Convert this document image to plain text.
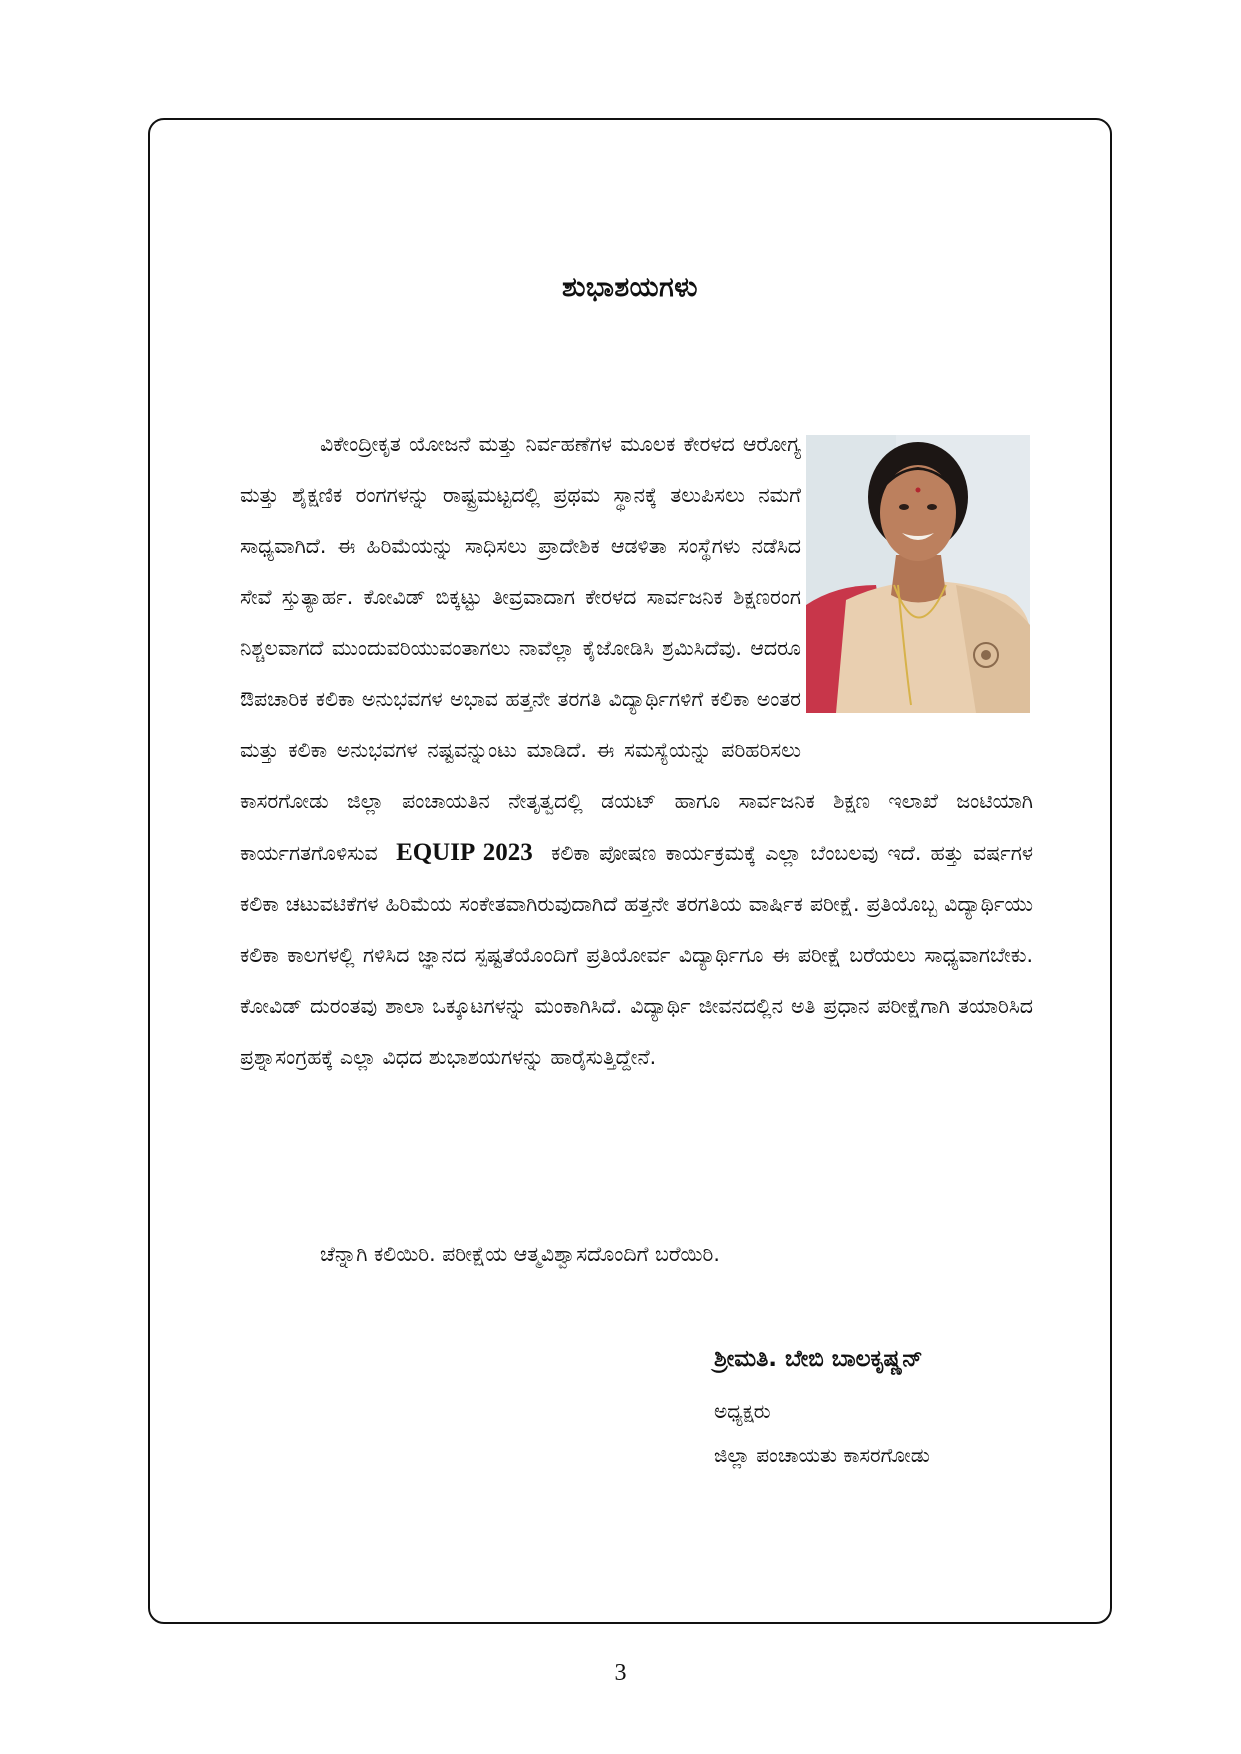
ಶುಭಾಶಯಗಳು

ವಿಕೇಂದ್ರೀಕೃತ ಯೋಜನೆ ಮತ್ತು ನಿರ್ವಹಣೆಗಳ ಮೂಲಕ ಕೇರಳದ ಆರೋಗ್ಯ ಮತ್ತು ಶೈಕ್ಷಣಿಕ ರಂಗಗಳನ್ನು ರಾಷ್ಟ್ರಮಟ್ಟದಲ್ಲಿ ಪ್ರಥಮ ಸ್ಥಾನಕ್ಕೆ ತಲುಪಿಸಲು ನಮಗೆ ಸಾಧ್ಯವಾಗಿದೆ. ಈ ಹಿರಿಮೆಯನ್ನು ಸಾಧಿಸಲು ಪ್ರಾದೇಶಿಕ ಆಡಳಿತಾ ಸಂಸ್ಥೆಗಳು ನಡೆಸಿದ ಸೇವೆ ಸ್ತುತ್ಯಾರ್ಹ. ಕೋವಿಡ್ ಬಿಕ್ಕಟ್ಟು ತೀವ್ರವಾದಾಗ ಕೇರಳದ ಸಾರ್ವಜನಿಕ ಶಿಕ್ಷಣರಂಗ ನಿಶ್ಚಲವಾಗದೆ ಮುಂದುವರಿಯುವಂತಾಗಲು ನಾವೆಲ್ಲಾ ಕೈಜೋಡಿಸಿ ಶ್ರಮಿಸಿದೆವು. ಆದರೂ ಔಪಚಾರಿಕ ಕಲಿಕಾ ಅನುಭವಗಳ ಅಭಾವ ಹತ್ತನೇ ತರಗತಿ ವಿದ್ಯಾರ್ಥಿಗಳಿಗೆ ಕಲಿಕಾ ಅಂತರ ಮತ್ತು ಕಲಿಕಾ ಅನುಭವಗಳ ನಷ್ಟವನ್ನುಂಟು ಮಾಡಿದೆ. ಈ ಸಮಸ್ಯೆಯನ್ನು ಪರಿಹರಿಸಲು ಕಾಸರಗೋಡು ಜಿಲ್ಲಾ ಪಂಚಾಯತಿನ ನೇತೃತ್ವದಲ್ಲಿ ಡಯಟ್ ಹಾಗೂ ಸಾರ್ವಜನಿಕ ಶಿಕ್ಷಣ ಇಲಾಖೆ ಜಂಟಿಯಾಗಿ ಕಾರ್ಯಗತಗೊಳಿಸುವ EQUIP 2023 ಕಲಿಕಾ ಪೋಷಣ ಕಾರ್ಯಕ್ರಮಕ್ಕೆ ಎಲ್ಲಾ ಬೆಂಬಲವು ಇದೆ. ಹತ್ತು ವರ್ಷಗಳ ಕಲಿಕಾ ಚಟುವಟಿಕೆಗಳ ಹಿರಿಮೆಯ ಸಂಕೇತವಾಗಿರುವುದಾಗಿದೆ ಹತ್ತನೇ ತರಗತಿಯ ವಾರ್ಷಿಕ ಪರೀಕ್ಷೆ. ಪ್ರತಿಯೊಬ್ಬ ವಿದ್ಯಾರ್ಥಿಯು ಕಲಿಕಾ ಕಾಲಗಳಲ್ಲಿ ಗಳಿಸಿದ ಜ್ಞಾನದ ಸ್ಪಷ್ಟತೆಯೊಂದಿಗೆ ಪ್ರತಿಯೋರ್ವ ವಿದ್ಯಾರ್ಥಿಗೂ ಈ ಪರೀಕ್ಷೆ ಬರೆಯಲು ಸಾಧ್ಯವಾಗಬೇಕು. ಕೋವಿಡ್ ದುರಂತವು ಶಾಲಾ ಒಕ್ಕೂಟಗಳನ್ನು ಮಂಕಾಗಿಸಿದೆ. ವಿದ್ಯಾರ್ಥಿ ಜೀವನದಲ್ಲಿನ ಅತಿ ಪ್ರಧಾನ ಪರೀಕ್ಷೆಗಾಗಿ ತಯಾರಿಸಿದ ಪ್ರಶ್ನಾಸಂಗ್ರಹಕ್ಕೆ ಎಲ್ಲಾ ವಿಧದ ಶುಭಾಶಯಗಳನ್ನು ಹಾರೈಸುತ್ತಿದ್ದೇನೆ.

ಚೆನ್ನಾಗಿ ಕಲಿಯಿರಿ. ಪರೀಕ್ಷೆಯ ಆತ್ಮವಿಶ್ವಾಸದೊಂದಿಗೆ ಬರೆಯಿರಿ.

ಶ್ರೀಮತಿ. ಬೇಬಿ ಬಾಲಕೃಷ್ಣನ್

ಅಧ್ಯಕ್ಷರು

ಜಿಲ್ಲಾ ಪಂಚಾಯತು ಕಾಸರಗೋಡು

3
